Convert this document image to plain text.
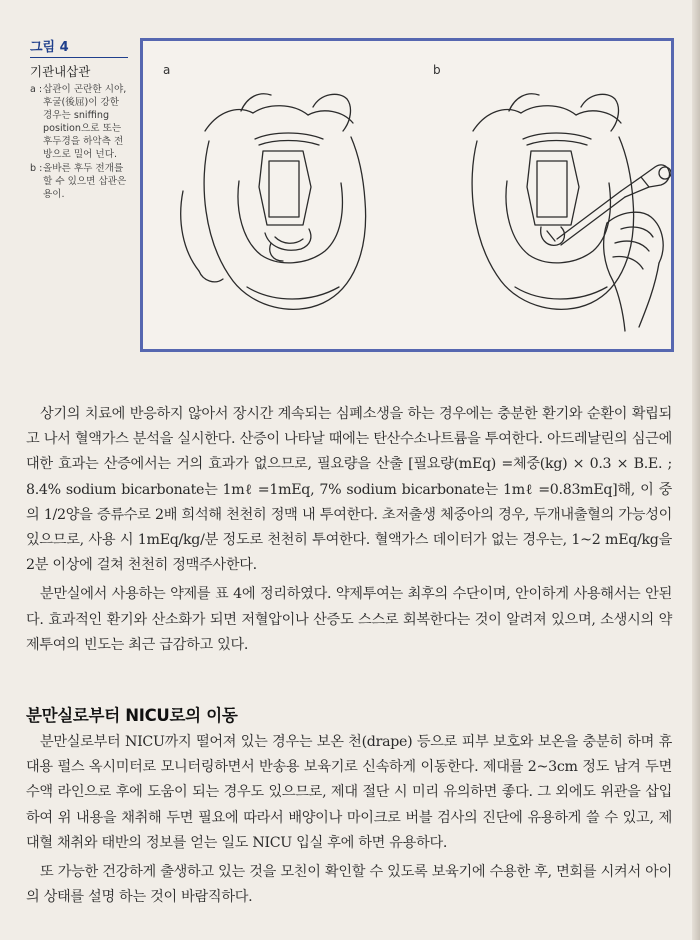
그림 4
기관내삽관
a : 삽관이 곤란한 시야, 후굴(後屈)이 강한 경우는 sniffing position으로 또는 후두경을 하악측 전방으로 밀어 넌다.
b : 올바른 후두 전개를 할 수 있으면 삽관은 용이.
a	b

상기의 치료에 반응하지 않아서 장시간 계속되는 심폐소생을 하는 경우에는 충분한 환기와 순환이 확립되고 나서 혈액가스 분석을 실시한다. 산증이 나타날 때에는 탄산수소나트륨을 투여한다. 아드레날린의 심근에 대한 효과는 산증에서는 거의 효과가 없으므로, 필요량을 산출 [필요량(mEq) =체중(kg) × 0.3 × B.E. ; 8.4% sodium bicarbonate는 1mℓ =1mEq, 7% sodium bicarbonate는 1mℓ =0.83mEq]해, 이 중의 1/2양을 증류수로 2배 희석해 천천히 정맥 내 투여한다. 초저출생 체중아의 경우, 두개내출혈의 가능성이 있으므로, 사용 시 1mEq/kg/분 정도로 천천히 투여한다. 혈액가스 데이터가 없는 경우는, 1~2 mEq/kg을 2분 이상에 걸쳐 천천히 정맥주사한다.

분만실에서 사용하는 약제를 표 4에 정리하였다. 약제투여는 최후의 수단이며, 안이하게 사용해서는 안된다. 효과적인 환기와 산소화가 되면 저혈압이나 산증도 스스로 회복한다는 것이 알려져 있으며, 소생시의 약제투여의 빈도는 최근 급감하고 있다.

분만실로부터 NICU로의 이동

분만실로부터 NICU까지 떨어져 있는 경우는 보온 천(drape) 등으로 피부 보호와 보온을 충분히 하며 휴대용 펄스 옥시미터로 모니터링하면서 반송용 보육기로 신속하게 이동한다. 제대를 2~3cm 정도 남겨 두면 수액 라인으로 후에 도움이 되는 경우도 있으므로, 제대 절단 시 미리 유의하면 좋다. 그 외에도 위관을 삽입하여 위 내용을 채취해 두면 필요에 따라서 배양이나 마이크로 버블 검사의 진단에 유용하게 쓸 수 있고, 제대혈 채취와 태반의 정보를 얻는 일도 NICU 입실 후에 하면 유용하다.

또 가능한 건강하게 출생하고 있는 것을 모친이 확인할 수 있도록 보육기에 수용한 후, 면회를 시켜서 아이의 상태를 설명 하는 것이 바람직하다.
